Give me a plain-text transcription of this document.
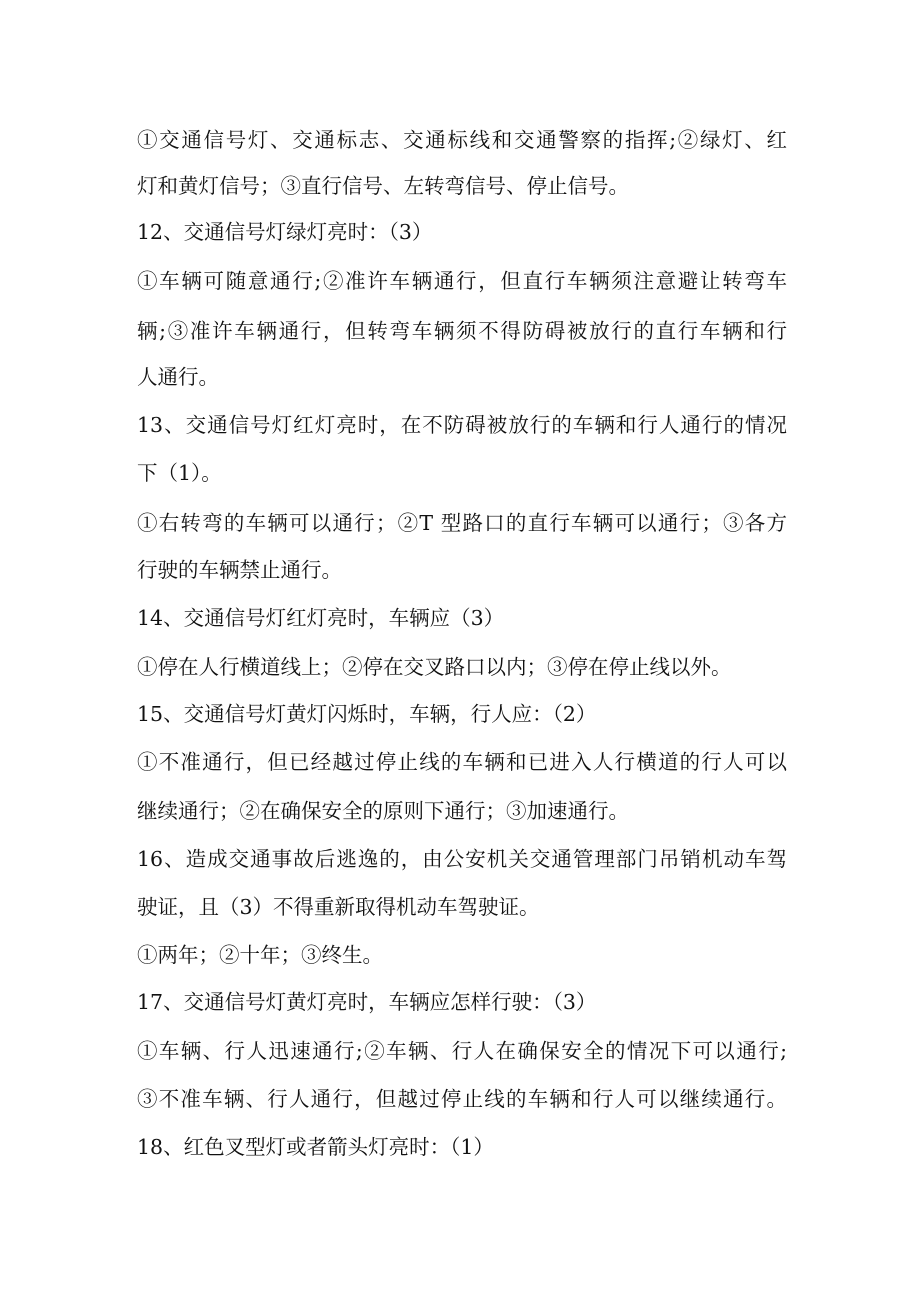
①交通信号灯、交通标志、交通标线和交通警察的指挥;②绿灯、红
灯和黄灯信号；③直行信号、左转弯信号、停止信号。
12、交通信号灯绿灯亮时：（3）
①车辆可随意通行;②准许车辆通行，但直行车辆须注意避让转弯车
辆;③准许车辆通行，但转弯车辆须不得防碍被放行的直行车辆和行
人通行。
13、交通信号灯红灯亮时，在不防碍被放行的车辆和行人通行的情况
下（1）。
①右转弯的车辆可以通行；②T 型路口的直行车辆可以通行；③各方
行驶的车辆禁止通行。
14、交通信号灯红灯亮时，车辆应（3）
①停在人行横道线上；②停在交叉路口以内；③停在停止线以外。
15、交通信号灯黄灯闪烁时，车辆，行人应：（2）
①不准通行，但已经越过停止线的车辆和已进入人行横道的行人可以
继续通行；②在确保安全的原则下通行；③加速通行。
16、造成交通事故后逃逸的，由公安机关交通管理部门吊销机动车驾
驶证，且（3）不得重新取得机动车驾驶证。
①两年；②十年；③终生。
17、交通信号灯黄灯亮时，车辆应怎样行驶：（3）
①车辆、行人迅速通行;②车辆、行人在确保安全的情况下可以通行;
③不准车辆、行人通行，但越过停止线的车辆和行人可以继续通行。
18、红色叉型灯或者箭头灯亮时：（1）
